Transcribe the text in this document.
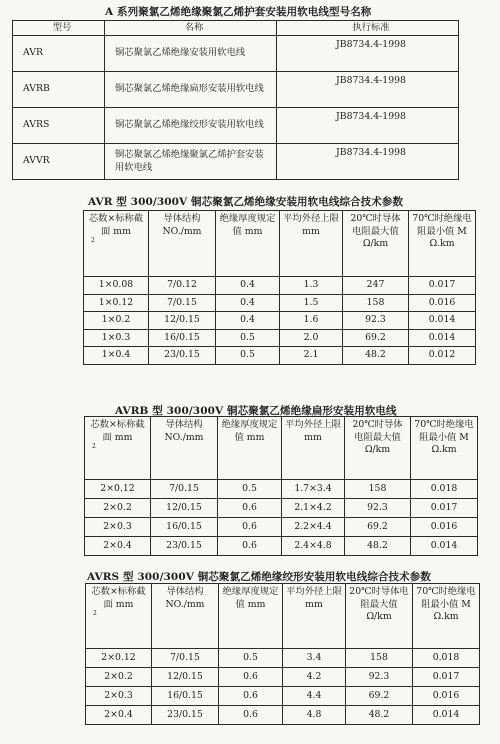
A 系列聚氯乙烯绝缘聚氯乙烯护套安装用软电线型号名称
型号	名称	执行标准
AVR	铜芯聚氯乙烯绝缘安装用软电线	JB8734.4-1998
AVRB	铜芯聚氯乙烯绝缘扁形安装用软电线	JB8734.4-1998
AVRS	铜芯聚氯乙烯绝缘绞形安装用软电线	JB8734.4-1998
AVVR	铜芯聚氯乙烯绝缘聚氯乙烯护套安装用软电线	JB8734.4-1998
AVR 型 300/300V 铜芯聚氯乙烯绝缘安装用软电线综合技术参数
芯数×标称截面 mm
2	导体结构 NO./mm	绝缘厚度规定值 mm	平均外径上限 mm	20℃时导体电阻最大值 Ω/km	70℃时绝缘电阻最小值 M Ω.km
1×0.08	7/0.12	0.4	1.3	247	0.017
1×0.12	7/0.15	0.4	1.5	158	0.016
1×0.2	12/0.15	0.4	1.6	92.3	0.014
1×0.3	16/0.15	0.5	2.0	69.2	0.014
1×0.4	23/0.15	0.5	2.1	48.2	0.012
AVRB 型 300/300V 铜芯聚氯乙烯绝缘扁形安装用软电线
芯数×标称截面 mm
2	导体结构 NO./mm	绝缘厚度规定值 mm	平均外径上限 mm	20℃时导体电阻最大值 Ω/km	70℃时绝缘电阻最小值 M Ω.km
2×0.12	7/0.15	0.5	1.7×3.4	158	0.018
2×0.2	12/0.15	0.6	2.1×4.2	92.3	0.017
2×0.3	16/0.15	0.6	2.2×4.4	69.2	0.016
2×0.4	23/0.15	0.6	2.4×4.8	48.2	0.014
AVRS 型 300/300V 铜芯聚氯乙烯绝缘绞形安装用软电线综合技术参数
芯数×标称截面 mm
2	导体结构 NO./mm	绝缘厚度规定值 mm	平均外径上限 mm	20℃时导体电阻最大值 Ω/km	70℃时绝缘电阻最小值 M Ω.km
2×0.12	7/0.15	0.5	3.4	158	0.018
2×0.2	12/0.15	0.6	4.2	92.3	0.017
2×0.3	16/0.15	0.6	4.4	69.2	0.016
2×0.4	23/0.15	0.6	4.8	48.2	0.014
